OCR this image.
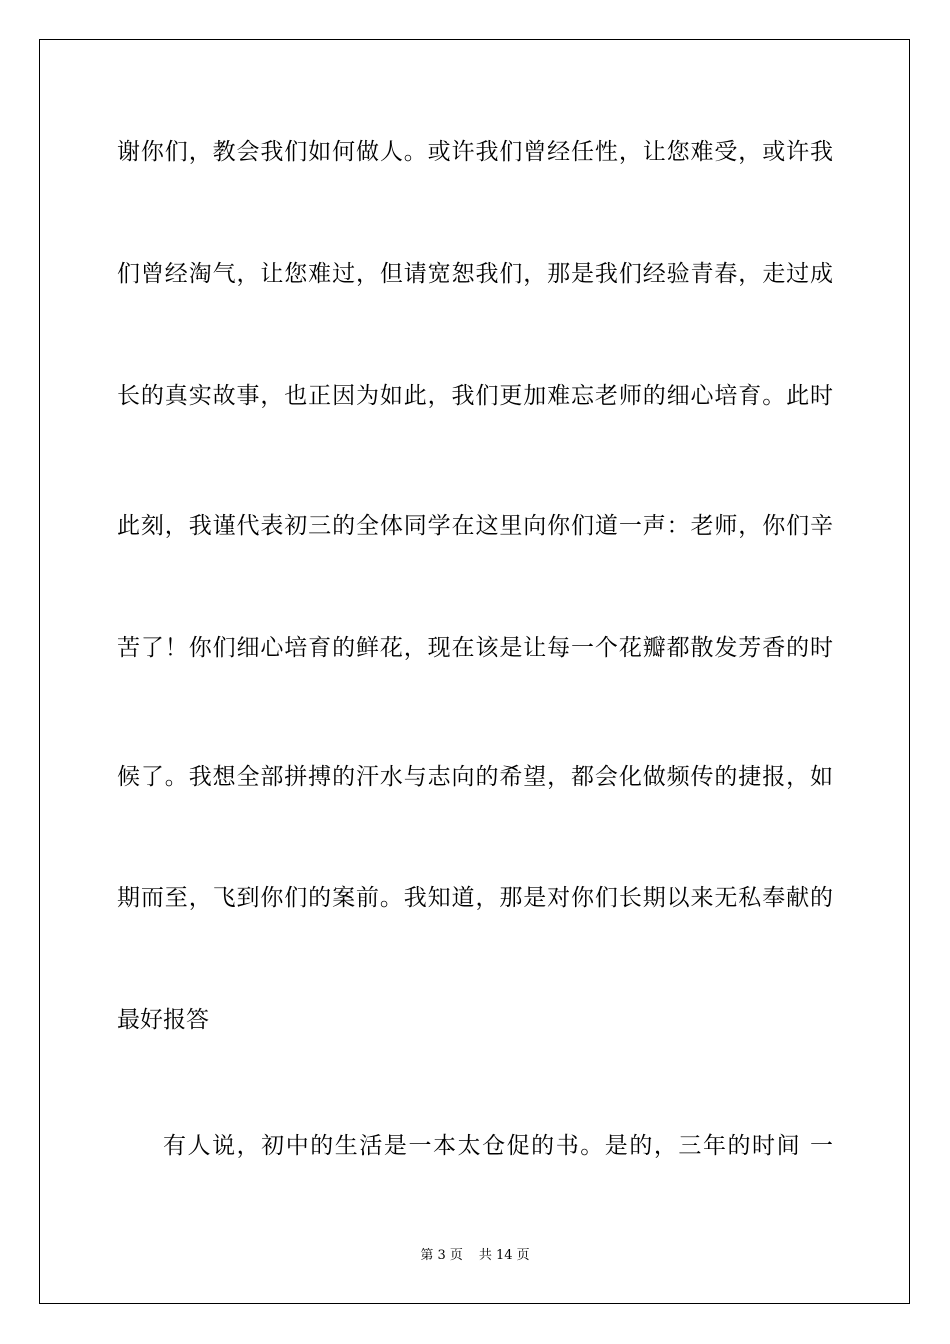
谢你们，教会我们如何做人。或许我们曾经任性，让您难受，或许我
们曾经淘气，让您难过，但请宽恕我们，那是我们经验青春，走过成
长的真实故事，也正因为如此，我们更加难忘老师的细心培育。此时
此刻，我谨代表初三的全体同学在这里向你们道一声：老师，你们辛
苦了！你们细心培育的鲜花，现在该是让每一个花瓣都散发芳香的时
候了。我想全部拼搏的汗水与志向的希望，都会化做频传的捷报，如
期而至，飞到你们的案前。我知道，那是对你们长期以来无私奉献的
最好报答
有人说，初中的生活是一本太仓促的书。是的，三年的时间 一
第 3 页 共 14 页
